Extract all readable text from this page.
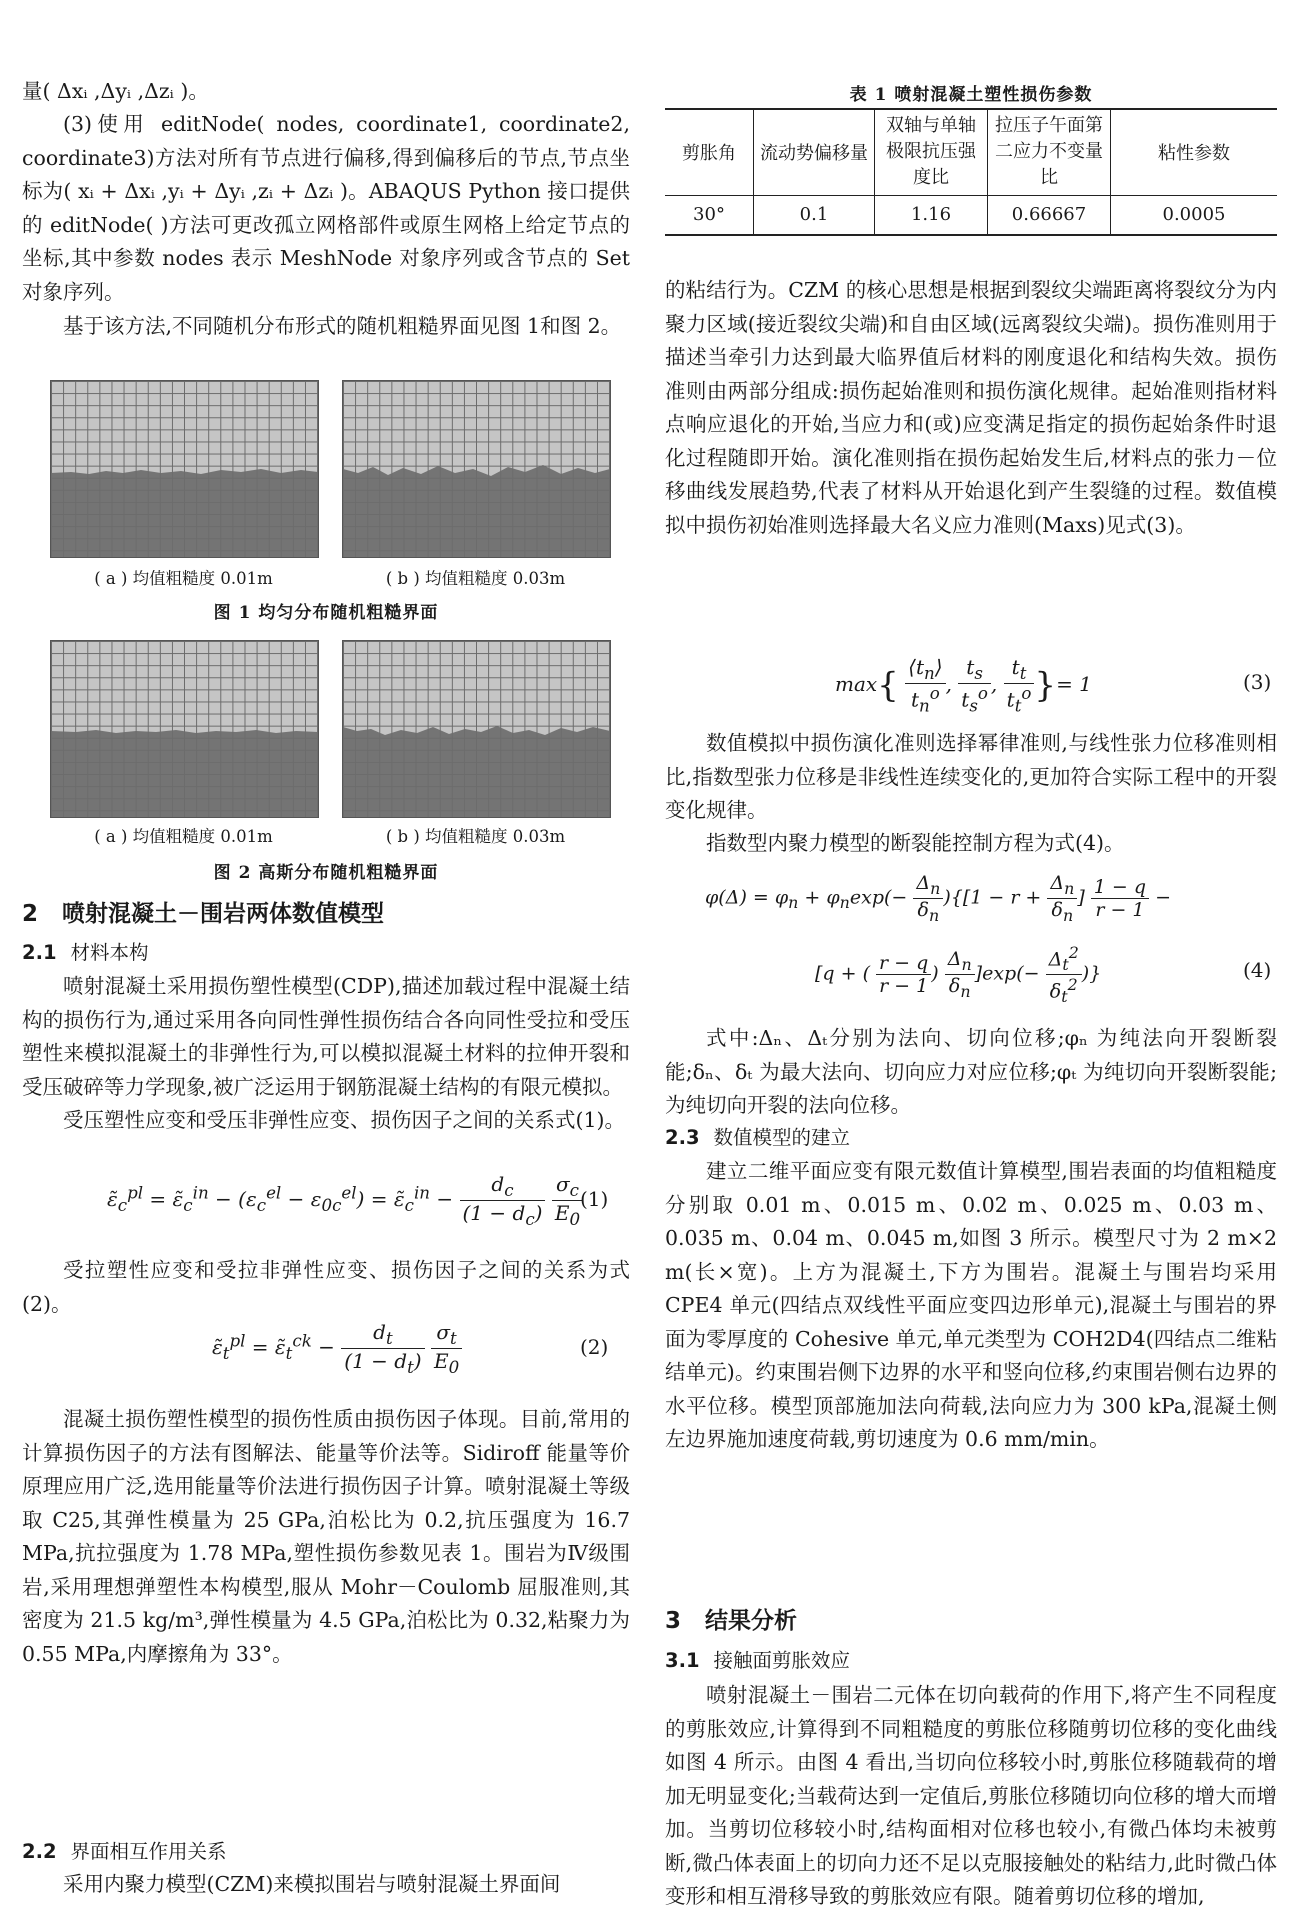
量( Δxᵢ ,Δyᵢ ,Δzᵢ )。

(3)使用 editNode( nodes, coordinate1, coordinate2, coordinate3)方法对所有节点进行偏移,得到偏移后的节点,节点坐标为( xᵢ + Δxᵢ ,yᵢ + Δyᵢ ,zᵢ + Δzᵢ )。ABAQUS Python 接口提供的 editNode( )方法可更改孤立网格部件或原生网格上给定节点的坐标,其中参数 nodes 表示 MeshNode 对象序列或含节点的 Set 对象序列。

基于该方法,不同随机分布形式的随机粗糙界面见图 1和图 2。

( a ) 均值粗糙度 0.01m	( b ) 均值粗糙度 0.03m
图 1 均匀分布随机粗糙界面
( a ) 均值粗糙度 0.01m	( b ) 均值粗糙度 0.03m
图 2 高斯分布随机粗糙界面
2 喷射混凝土－围岩两体数值模型
2.1 材料本构

喷射混凝土采用损伤塑性模型(CDP),描述加载过程中混凝土结构的损伤行为,通过采用各向同性弹性损伤结合各向同性受拉和受压塑性来模拟混凝土的非弹性行为,可以模拟混凝土材料的拉伸开裂和受压破碎等力学现象,被广泛运用于钢筋混凝土结构的有限元模拟。

受压塑性应变和受压非弹性应变、损伤因子之间的关系式(1)。

$\varepsiloñ_c^{pl}$ = $\varepsiloñ_c^{in} - (\varepsilon_c^{el} - \varepsilon_{0c}^{el})$ = $\varepsiloñ_c^{in} - \frac{d_c}{(1 - d_c)}$
$\frac{\sigma_c}{E_0}$
(1)

受拉塑性应变和受拉非弹性应变、损伤因子之间的关系为式(2)。

$\varepsiloñ_t^{pl}$ = $\varepsiloñ_t^{ck} - \frac{d_t}{(1 - d_t)}$
$\frac{\sigma_t}{E_0}$	(2)

混凝土损伤塑性模型的损伤性质由损伤因子体现。目前,常用的计算损伤因子的方法有图解法、能量等价法等。Sidiroff 能量等价原理应用广泛,选用能量等价法进行损伤因子计算。喷射混凝土等级取 C25,其弹性模量为 25 GPa,泊松比为 0.2,抗压强度为 16.7 MPa,抗拉强度为 1.78 MPa,塑性损伤参数见表 1。围岩为Ⅳ级围岩,采用理想弹塑性本构模型,服从 Mohr－Coulomb 屈服准则,其密度为 21.5 kg/m³,弹性模量为 4.5 GPa,泊松比为 0.32,粘聚力为 0.55 MPa,内摩擦角为 33°。

2.2 界面相互作用关系

采用内聚力模型(CZM)来模拟围岩与喷射混凝土界面间

表 1 喷射混凝土塑性损伤参数
剪胀角	流动势偏移量	双轴与单轴极限抗压强度比	拉压子午面第二应力不变量比	粘性参数
30°	0.1	1.16	0.66667	0.0005

的粘结行为。CZM 的核心思想是根据到裂纹尖端距离将裂纹分为内聚力区域(接近裂纹尖端)和自由区域(远离裂纹尖端)。损伤准则用于描述当牵引力达到最大临界值后材料的刚度退化和结构失效。损伤准则由两部分组成:损伤起始准则和损伤演化规律。起始准则指材料点响应退化的开始,当应力和(或)应变满足指定的损伤起始条件时退化过程随即开始。演化准则指在损伤起始发生后,材料点的张力－位移曲线发展趋势,代表了材料从开始退化到产生裂缝的过程。数值模拟中损伤初始准则选择最大名义应力准则(Maxs)见式(3)。

$\max\{ \frac{⟨t_n⟩}{t_n^o}$ , $\frac{t_s}{t_s^o}$ , $\frac{t_t}{t_t^o}$ }= 1	(3)

数值模拟中损伤演化准则选择幂律准则,与线性张力位移准则相比,指数型张力位移是非线性连续变化的,更加符合实际工程中的开裂变化规律。

指数型内聚力模型的断裂能控制方程为式(4)。

$\varphi(\Delta) = \varphi_n + \varphi_n\exp(- \frac{\Delta_n}{\delta_n} )\{[1 - r + \frac{\Delta_n}{\delta_n}$ ] $\frac{1 - q}{r - 1}$ −
[q + ( $\frac{r - q}{r - 1}$ ) $\frac{\Delta_n}{\delta_n} ]\exp(- \frac{\Delta_t^2}{\delta_t^2}$ )}	(4)

式中:Δₙ、Δₜ分别为法向、切向位移;φₙ 为纯法向开裂断裂能;δₙ、δₜ 为最大法向、切向应力对应位移;φₜ 为纯切向开裂断裂能;为纯切向开裂的法向位移。

2.3 数值模型的建立

建立二维平面应变有限元数值计算模型,围岩表面的均值粗糙度分别取 0.01 m、0.015 m、0.02 m、0.025 m、0.03 m、0.035 m、0.04 m、0.045 m,如图 3 所示。模型尺寸为 2 m×2 m(长×宽)。上方为混凝土,下方为围岩。混凝土与围岩均采用 CPE4 单元(四结点双线性平面应变四边形单元),混凝土与围岩的界面为零厚度的 Cohesive 单元,单元类型为 COH2D4(四结点二维粘结单元)。约束围岩侧下边界的水平和竖向位移,约束围岩侧右边界的水平位移。模型顶部施加法向荷载,法向应力为 300 kPa,混凝土侧左边界施加速度荷载,剪切速度为 0.6 mm/min。

3 结果分析
3.1 接触面剪胀效应

喷射混凝土－围岩二元体在切向载荷的作用下,将产生不同程度的剪胀效应,计算得到不同粗糙度的剪胀位移随剪切位移的变化曲线如图 4 所示。由图 4 看出,当切向位移较小时,剪胀位移随载荷的增加无明显变化;当载荷达到一定值后,剪胀位移随切向位移的增大而增加。当剪切位移较小时,结构面相对位移也较小,有微凸体均未被剪断,微凸体表面上的切向力还不足以克服接触处的粘结力,此时微凸体变形和相互滑移导致的剪胀效应有限。随着剪切位移的增加,
